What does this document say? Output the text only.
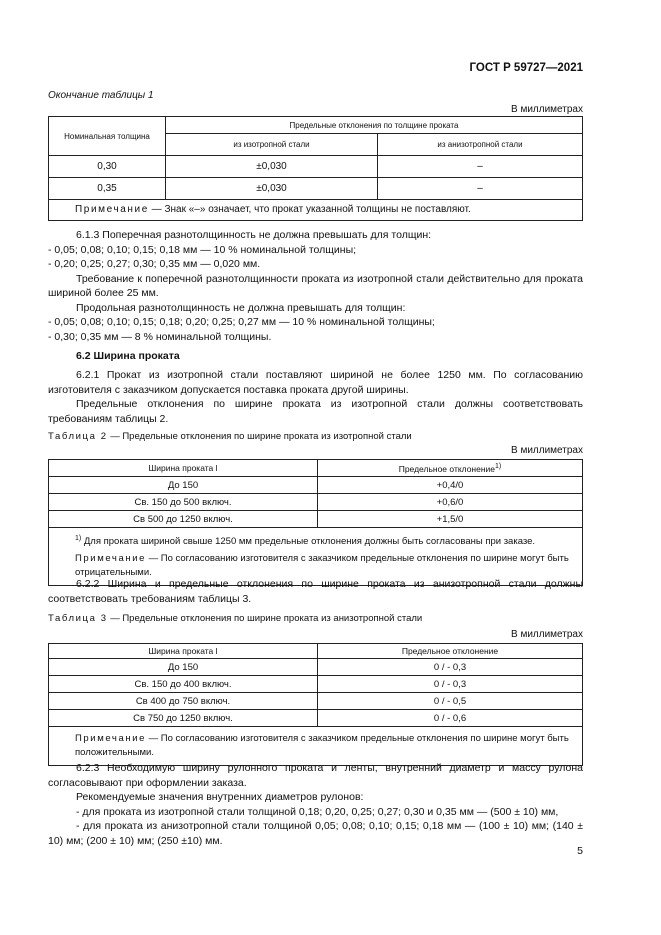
ГОСТ Р 59727—2021
Окончание таблицы 1
В миллиметрах
Номинальная толщина	Предельные отклонения по толщине проката	
	из изотропной стали	из анизотропной стали
0,30	±0,030	–
0,35	±0,030	–
Примечание — Знак «–» означает, что прокат указанной толщины не поставляют.		
6.1.3 Поперечная разнотолщинность не должна превышать для толщин:
- 0,05; 0,08; 0,10; 0,15; 0,18 мм — 10 % номинальной толщины;
- 0,20; 0,25; 0,27; 0,30; 0,35 мм — 0,020 мм.
Требование к поперечной разнотолщинности проката из изотропной стали действительно для проката шириной более 25 мм.
Продольная разнотолщинность не должна превышать для толщин:
- 0,05; 0,08; 0,10; 0,15; 0,18; 0,20; 0,25; 0,27 мм — 10 % номинальной толщины;
- 0,30; 0,35 мм — 8 % номинальной толщины.
6.2 Ширина проката
6.2.1 Прокат из изотропной стали поставляют шириной не более 1250 мм. По согласованию изготовителя с заказчиком допускается поставка проката другой ширины.
Предельные отклонения по ширине проката из изотропной стали должны соответствовать требованиям таблицы 2.
Таблица 2 — Предельные отклонения по ширине проката из изотропной стали
В миллиметрах
Ширина проката l	Предельное отклонение$^{1)}$
До 150	+0,4/0
Св. 150 до 500 включ.	+0,6/0
Св 500 до 1250 включ.	+1,5/0

$^{1)}$ Для проката шириной свыше 1250 мм предельные отклонения должны быть согласованы при заказе.
Примечание — По согласованию изготовителя с заказчиком предельные отклонения по ширине могут быть отрицательными.	
6.2.2 Ширина и предельные отклонения по ширине проката из анизотропной стали должны соответствовать требованиям таблицы 3.
Таблица 3 — Предельные отклонения по ширине проката из анизотропной стали
В миллиметрах
Ширина проката l	Предельное отклонение
До 150	0 / - 0,3
Св. 150 до 400 включ.	0 / - 0,3
Св 400 до 750 включ.	0 / - 0,5
Св 750 до 1250 включ.	0 / - 0,6
Примечание — По согласованию изготовителя с заказчиком предельные отклонения по ширине могут быть положительными.	
6.2.3 Необходимую ширину рулонного проката и ленты, внутренний диаметр и массу рулона согласовывают при оформлении заказа.
Рекомендуемые значения внутренних диаметров рулонов:
- для проката из изотропной стали толщиной 0,18; 0,20, 0,25; 0,27; 0,30 и 0,35 мм — (500 ± 10) мм,
- для проката из анизотропной стали толщиной 0,05; 0,08; 0,10; 0,15; 0,18 мм — (100 ± 10) мм; (140 ± 10) мм; (200 ± 10) мм; (250 ±10) мм.
5
